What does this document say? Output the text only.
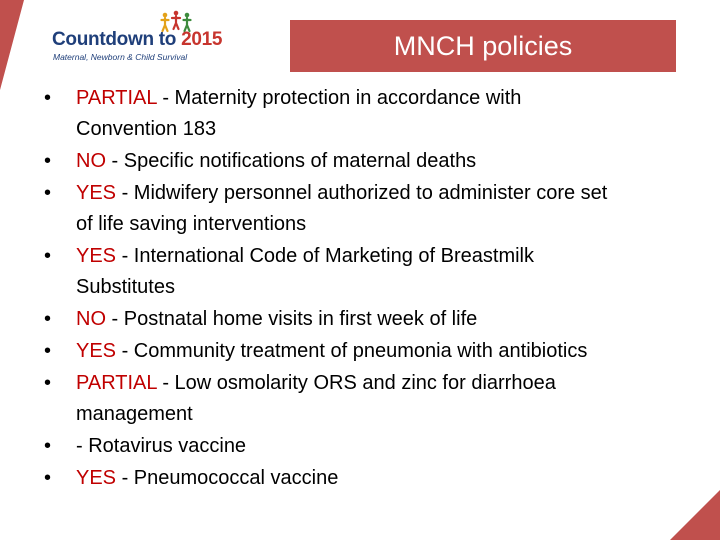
Countdown to 2015
Maternal, Newborn & Child Survival	MNCH policies
• PARTIAL - Maternity protection in accordance with
Convention 183
• NO - Specific notifications of maternal deaths
• YES - Midwifery personnel authorized to administer core set
of life saving interventions
• YES - International Code of Marketing of Breastmilk
Substitutes
• NO - Postnatal home visits in first week of life
• YES - Community treatment of pneumonia with antibiotics
• PARTIAL - Low osmolarity ORS and zinc for diarrhoea
management
• - Rotavirus vaccine
• YES - Pneumococcal vaccine
